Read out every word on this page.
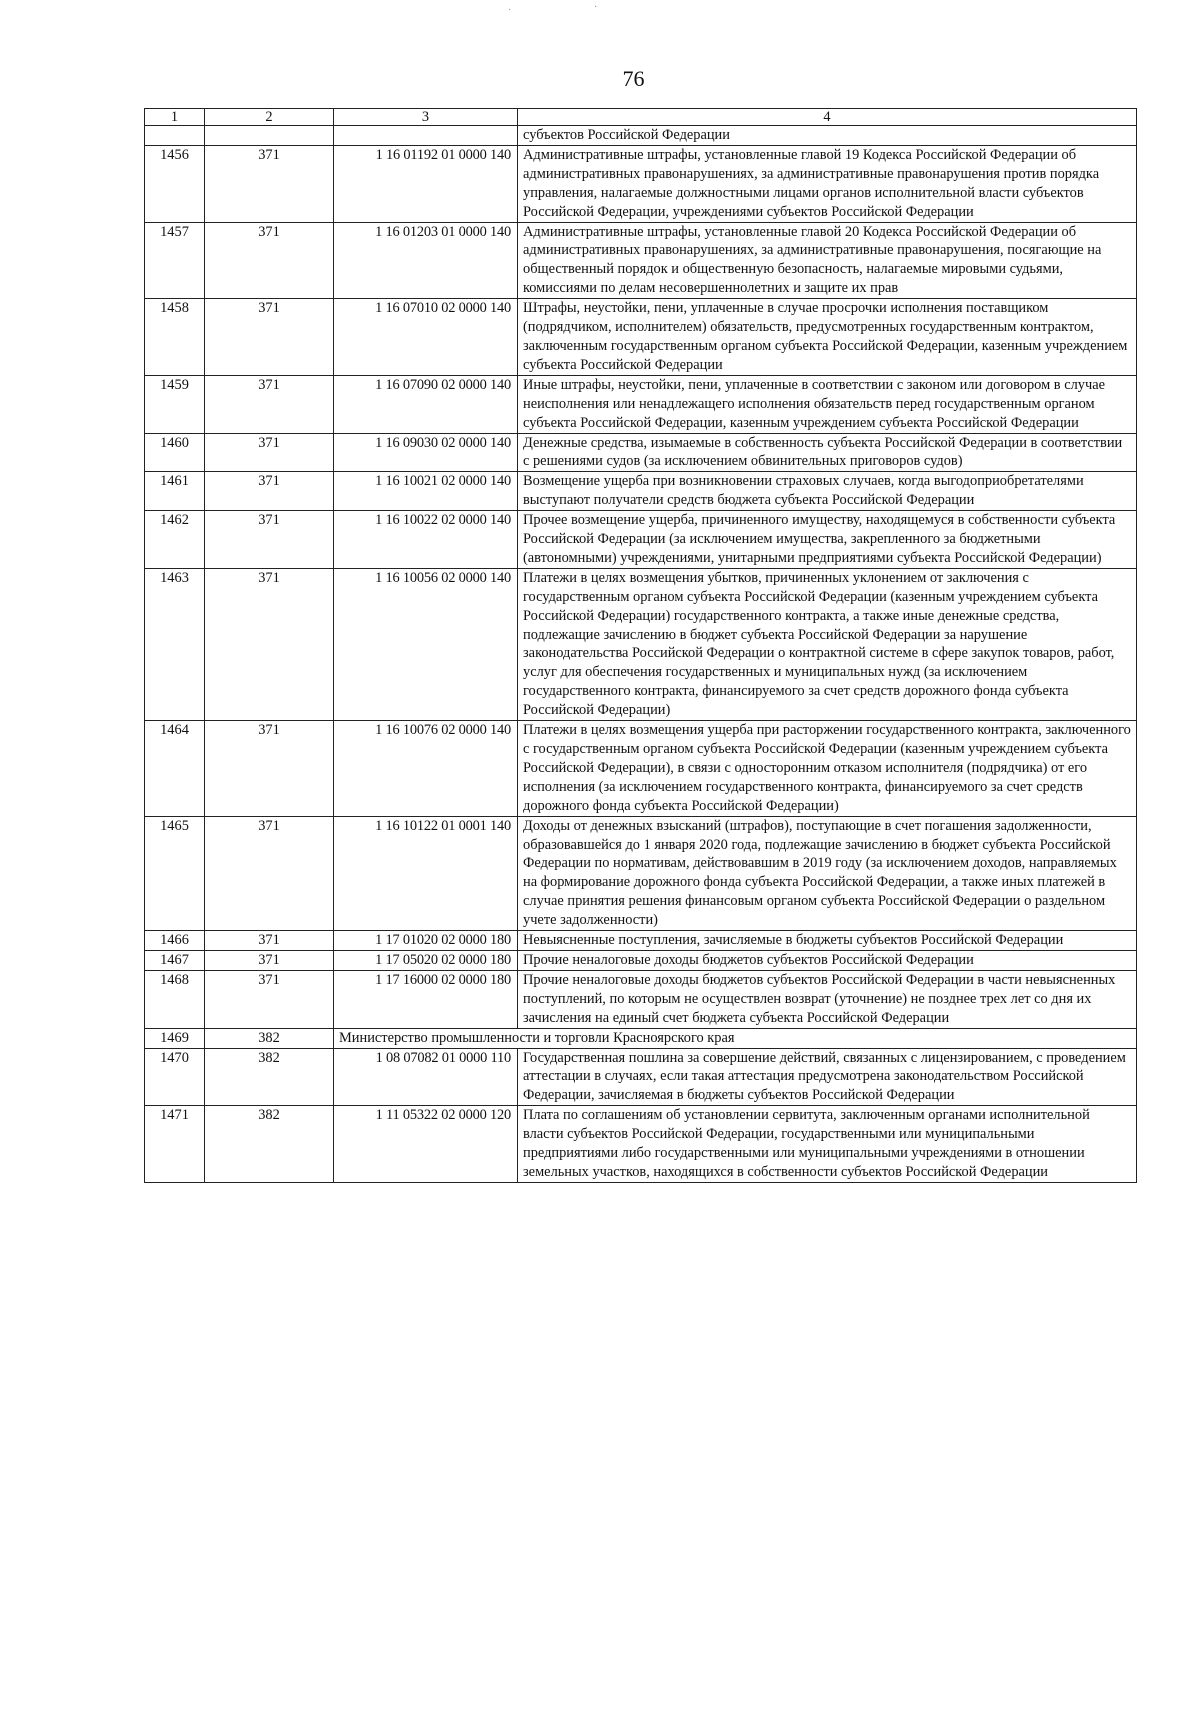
˙
·
76
1	2	3	4
			субъектов Российской Федерации
1456	371	1 16 01192 01 0000 140	Административные штрафы, установленные главой 19 Кодекса Российской Федерации об административных правонарушениях, за административные правонарушения против порядка управления, налагаемые должностными лицами органов исполнительной власти субъектов Российской Федерации, учреждениями субъектов Российской Федерации
1457	371	1 16 01203 01 0000 140	Административные штрафы, установленные главой 20 Кодекса Российской Федерации об административных правонарушениях, за административные правонарушения, посягающие на общественный порядок и общественную безопасность, налагаемые мировыми судьями, комиссиями по делам несовершеннолетних и защите их прав
1458	371	1 16 07010 02 0000 140	Штрафы, неустойки, пени, уплаченные в случае просрочки исполнения поставщиком (подрядчиком, исполнителем) обязательств, предусмотренных государственным контрактом, заключенным государственным органом субъекта Российской Федерации, казенным учреждением субъекта Российской Федерации
1459	371	1 16 07090 02 0000 140	Иные штрафы, неустойки, пени, уплаченные в соответствии с законом или договором в случае неисполнения или ненадлежащего исполнения обязательств перед государственным органом субъекта Российской Федерации, казенным учреждением субъекта Российской Федерации
1460	371	1 16 09030 02 0000 140	Денежные средства, изымаемые в собственность субъекта Российской Федерации в соответствии с решениями судов (за исключением обвинительных приговоров судов)
1461	371	1 16 10021 02 0000 140	Возмещение ущерба при возникновении страховых случаев, когда выгодоприобретателями выступают получатели средств бюджета субъекта Российской Федерации
1462	371	1 16 10022 02 0000 140	Прочее возмещение ущерба, причиненного имуществу, находящемуся в собственности субъекта Российской Федерации (за исключением имущества, закрепленного за бюджетными (автономными) учреждениями, унитарными предприятиями субъекта Российской Федерации)
1463	371	1 16 10056 02 0000 140	Платежи в целях возмещения убытков, причиненных уклонением от заключения с государственным органом субъекта Российской Федерации (казенным учреждением субъекта Российской Федерации) государственного контракта, а также иные денежные средства, подлежащие зачислению в бюджет субъекта Российской Федерации за нарушение законодательства Российской Федерации о контрактной системе в сфере закупок товаров, работ, услуг для обеспечения государственных и муниципальных нужд (за исключением государственного контракта, финансируемого за счет средств дорожного фонда субъекта Российской Федерации)
1464	371	1 16 10076 02 0000 140	Платежи в целях возмещения ущерба при расторжении государственного контракта, заключенного с государственным органом субъекта Российской Федерации (казенным учреждением субъекта Российской Федерации), в связи с односторонним отказом исполнителя (подрядчика) от его исполнения (за исключением государственного контракта, финансируемого за счет средств дорожного фонда субъекта Российской Федерации)
1465	371	1 16 10122 01 0001 140	Доходы от денежных взысканий (штрафов), поступающие в счет погашения задолженности, образовавшейся до 1 января 2020 года, подлежащие зачислению в бюджет субъекта Российской Федерации по нормативам, действовавшим в 2019 году (за исключением доходов, направляемых на формирование дорожного фонда субъекта Российской Федерации, а также иных платежей в случае принятия решения финансовым органом субъекта Российской Федерации о раздельном учете задолженности)
1466	371	1 17 01020 02 0000 180	Невыясненные поступления, зачисляемые в бюджеты субъектов Российской Федерации
1467	371	1 17 05020 02 0000 180	Прочие неналоговые доходы бюджетов субъектов Российской Федерации
1468	371	1 17 16000 02 0000 180	Прочие неналоговые доходы бюджетов субъектов Российской Федерации в части невыясненных поступлений, по которым не осуществлен возврат (уточнение) не позднее трех лет со дня их зачисления на единый счет бюджета субъекта Российской Федерации
1469	382	Министерство промышленности и торговли Красноярского края	
1470	382	1 08 07082 01 0000 110	Государственная пошлина за совершение действий, связанных с лицензированием, с проведением аттестации в случаях, если такая аттестация предусмотрена законодательством Российской Федерации, зачисляемая в бюджеты субъектов Российской Федерации
1471	382	1 11 05322 02 0000 120	Плата по соглашениям об установлении сервитута, заключенным органами исполнительной власти субъектов Российской Федерации, государственными или муниципальными предприятиями либо государственными или муниципальными учреждениями в отношении земельных участков, находящихся в собственности субъектов Российской Федерации
